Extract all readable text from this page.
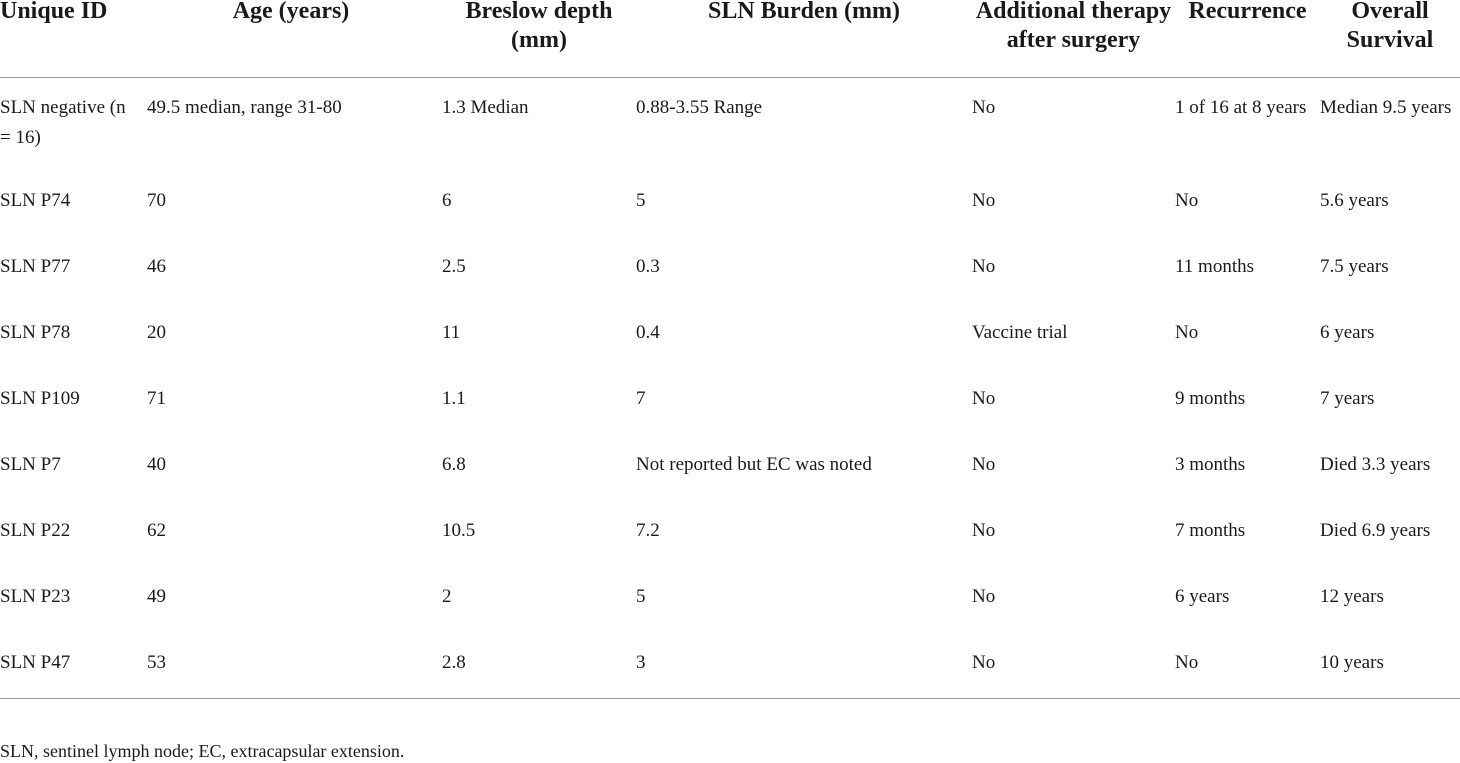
Unique ID	Age (years)	Breslow depth (mm)	SLN Burden (mm)	Additional therapy after surgery	Recurrence	Overall Survival

SLN negative (n = 16)	49.5 median, range 31-80	1.3 Median	0.88-3.55 Range	No	1 of 16 at 8 years	Median 9.5 years

SLN P74	70	6	5	No	No	5.6 years

SLN P77	46	2.5	0.3	No	11 months	7.5 years

SLN P78	20	11	0.4	Vaccine trial	No	6 years

SLN P109	71	1.1	7	No	9 months	7 years

SLN P7	40	6.8	Not reported but EC was noted	No	3 months	Died 3.3 years

SLN P22	62	10.5	7.2	No	7 months	Died 6.9 years

SLN P23	49	2	5	No	6 years	12 years

SLN P47	53	2.8	3	No	No	10 years
SLN, sentinel lymph node; EC, extracapsular extension.
